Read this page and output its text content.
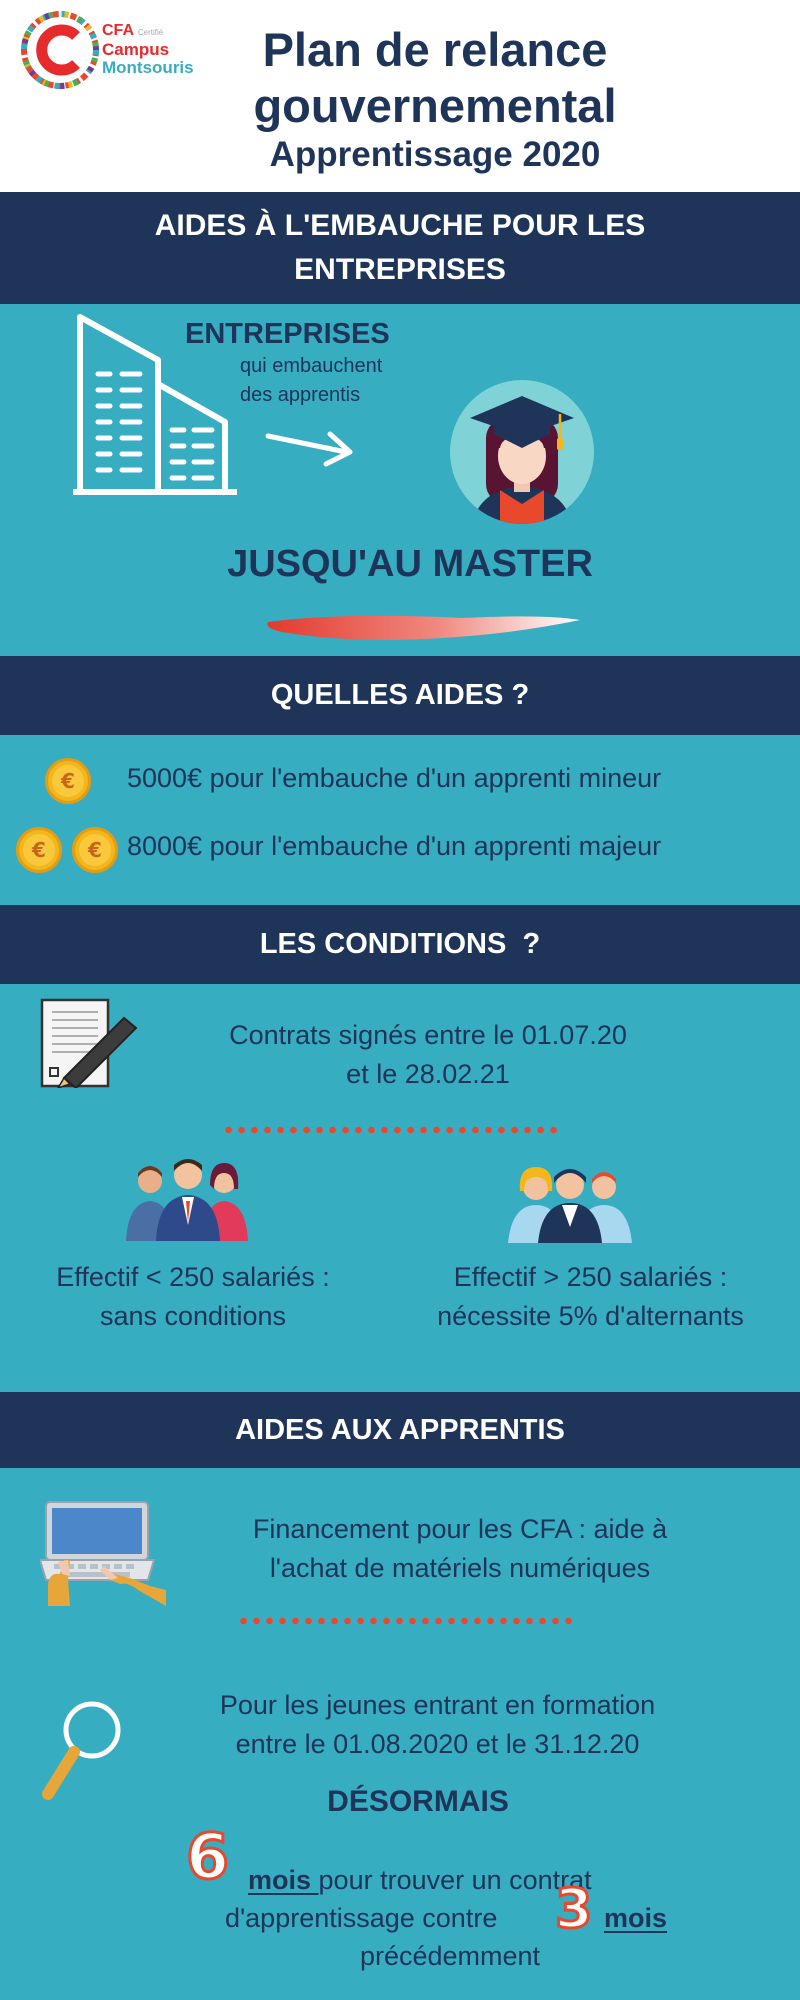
CFA Certifié
Campus
Montsouris	Plan de relance
gouvernemental
Apprentissage 2020
AIDES À L'EMBAUCHE POUR LES
ENTREPRISES
ENTREPRISES
qui embauchent
des apprentis
JUSQU'AU MASTER
QUELLES AIDES ?
€	5000€ pour l'embauche d'un apprenti mineur
€	€ 8000€ pour l'embauche d'un apprenti majeur
LES CONDITIONS  ?
Contrats signés entre le 01.07.20
et le 28.02.21
Effectif < 250 salariés :
sans conditions
Effectif > 250 salariés :
nécessite 5% d'alternants
AIDES AUX APPRENTIS
Financement pour les CFA : aide à
l'achat de matériels numériques
Pour les jeunes entrant en formation
entre le 01.08.2020 et le 31.12.20
DÉSORMAIS
6 mois pour trouver un contrat
d'apprentissage contre 3 mois
précédemment
